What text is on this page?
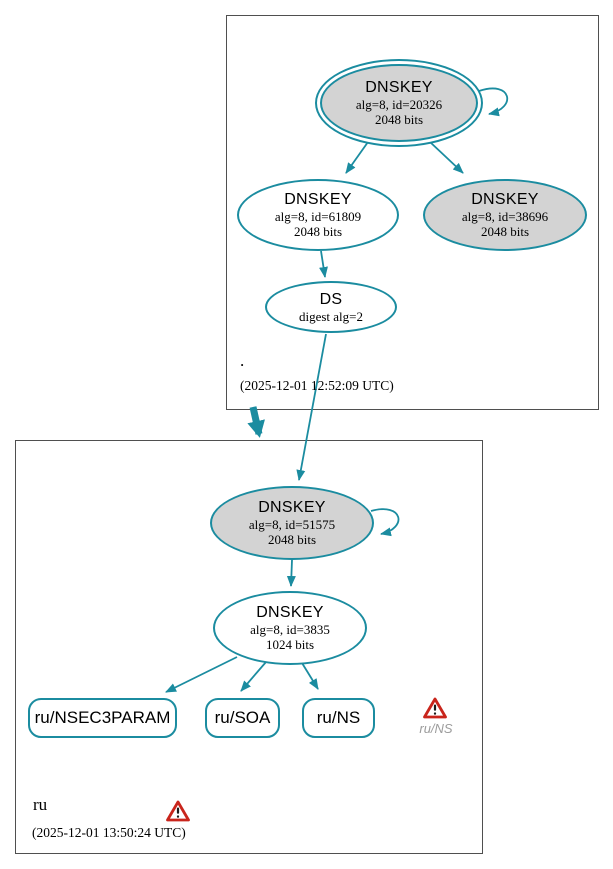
DNSKEY
alg=8, id=20326
2048 bits
DNSKEY
alg=8, id=61809
2048 bits
DNSKEY
alg=8, id=38696
2048 bits
DS
digest alg=2
.
(2025-12-01 12:52:09 UTC)
DNSKEY
alg=8, id=51575
2048 bits
DNSKEY
alg=8, id=3835
1024 bits
ru/NSEC3PARAM	ru/SOA	ru/NS
ru/NS
ru
(2025-12-01 13:50:24 UTC)
